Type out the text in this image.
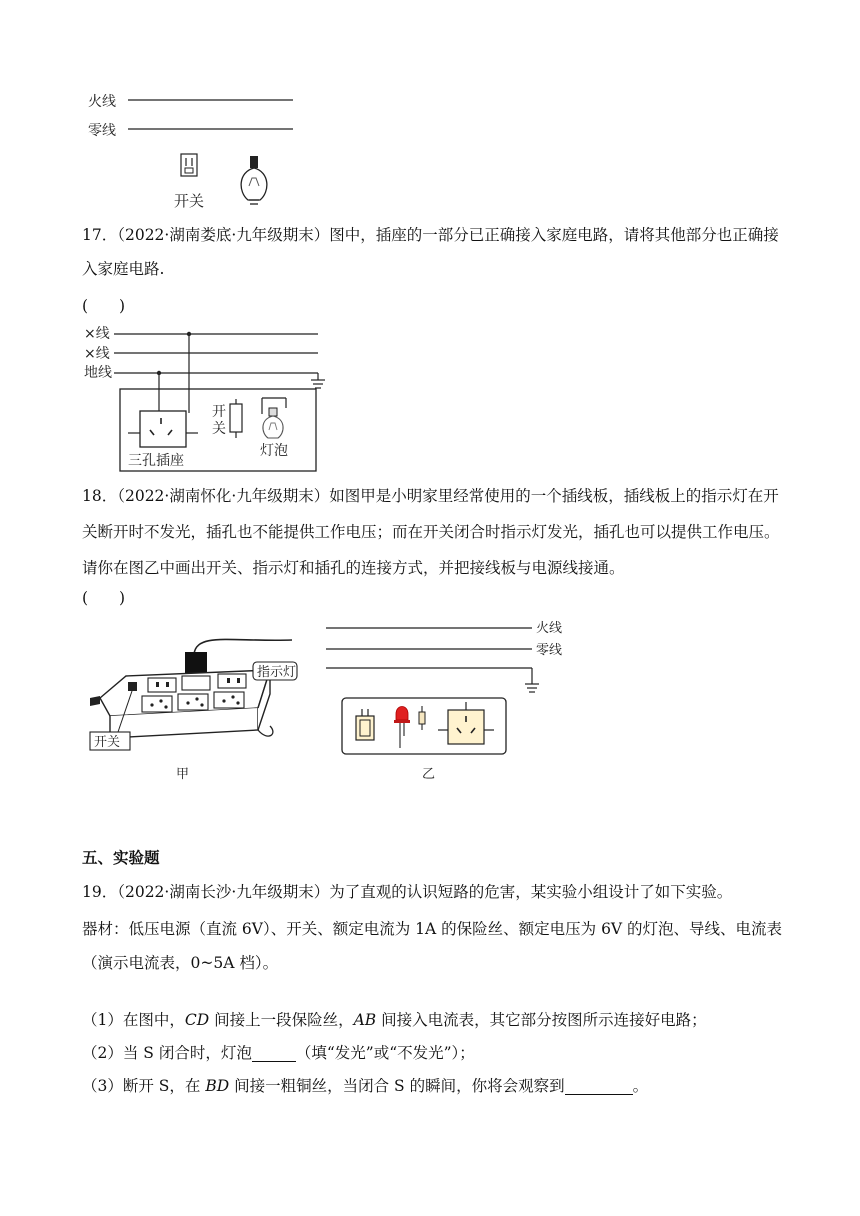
火线
零线
开关
17．（2022·湖南娄底·九年级期末）图中，插座的一部分已正确接入家庭电路，请将其他部分也正确接入家庭电路.
(　　)
×线
×线
地线
三孔插座
开
关
灯泡
18．（2022·湖南怀化·九年级期末）如图甲是小明家里经常使用的一个插线板，插线板上的指示灯在开关断开时不发光，插孔也不能提供工作电压；而在开关闭合时指示灯发光，插孔也可以提供工作电压。请你在图乙中画出开关、指示灯和插孔的连接方式，并把接线板与电源线接通。
(　　)
指示灯
开关
甲
火线
零线
乙
五、实验题
19．（2022·湖南长沙·九年级期末）为了直观的认识短路的危害，某实验小组设计了如下实验。
器材：低压电源（直流 6V）、开关、额定电流为 1A 的保险丝、额定电压为 6V 的灯泡、导线、电流表（演示电流表，0~5A 档）。
（1）在图中，CD 间接上一段保险丝，AB 间接入电流表，其它部分按图所示连接好电路；
（2）当 S 闭合时，灯泡	（填“发光”或“不发光”）；
（3）断开 S，在 BD 间接一粗铜丝，当闭合 S 的瞬间，你将会观察到	。
